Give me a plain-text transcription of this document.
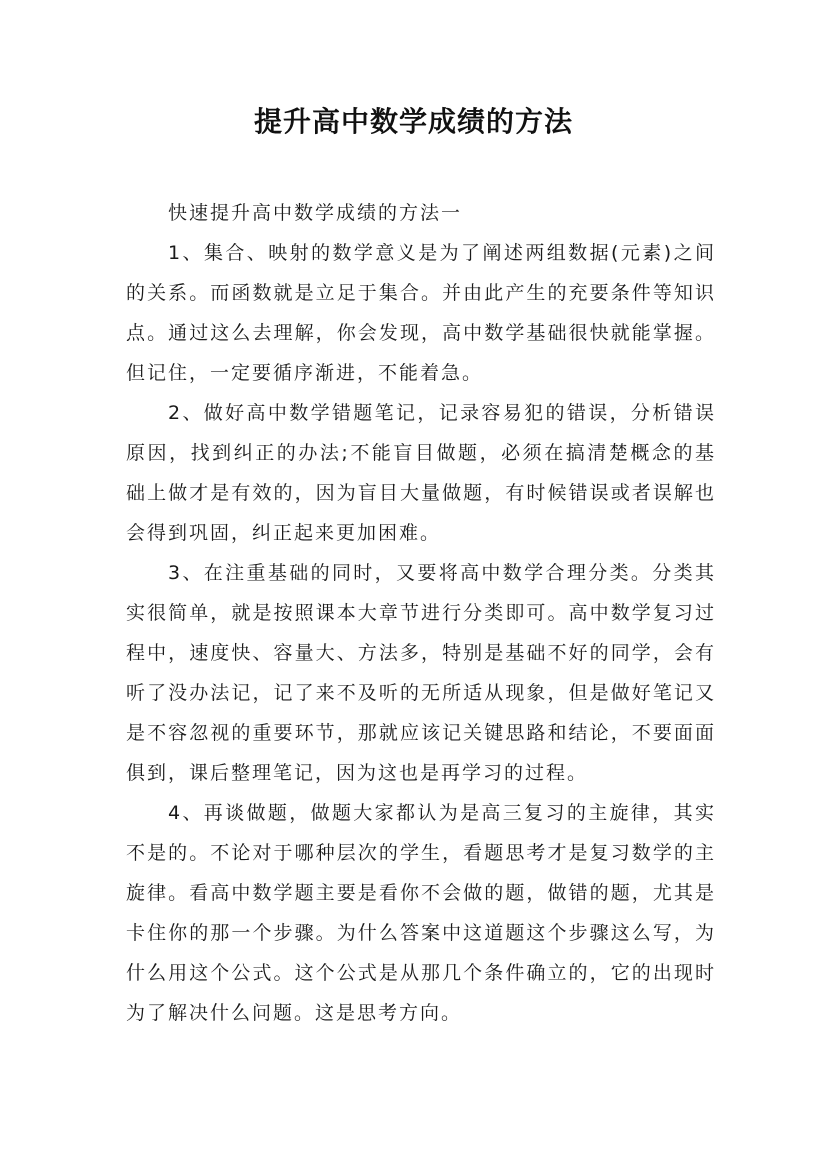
提升高中数学成绩的方法

快速提升高中数学成绩的方法一

1、集合、映射的数学意义是为了阐述两组数据(元素)之间的关系。而函数就是立足于集合。并由此产生的充要条件等知识点。通过这么去理解，你会发现，高中数学基础很快就能掌握。但记住，一定要循序渐进，不能着急。

2、做好高中数学错题笔记，记录容易犯的错误，分析错误原因，找到纠正的办法;不能盲目做题，必须在搞清楚概念的基础上做才是有效的，因为盲目大量做题，有时候错误或者误解也会得到巩固，纠正起来更加困难。

3、在注重基础的同时，又要将高中数学合理分类。分类其实很简单，就是按照课本大章节进行分类即可。高中数学复习过程中，速度快、容量大、方法多，特别是基础不好的同学，会有听了没办法记，记了来不及听的无所适从现象，但是做好笔记又是不容忽视的重要环节，那就应该记关键思路和结论，不要面面俱到，课后整理笔记，因为这也是再学习的过程。

4、再谈做题，做题大家都认为是高三复习的主旋律，其实不是的。不论对于哪种层次的学生，看题思考才是复习数学的主旋律。看高中数学题主要是看你不会做的题，做错的题，尤其是卡住你的那一个步骤。为什么答案中这道题这个步骤这么写，为什么用这个公式。这个公式是从那几个条件确立的，它的出现时为了解决什么问题。这是思考方向。
